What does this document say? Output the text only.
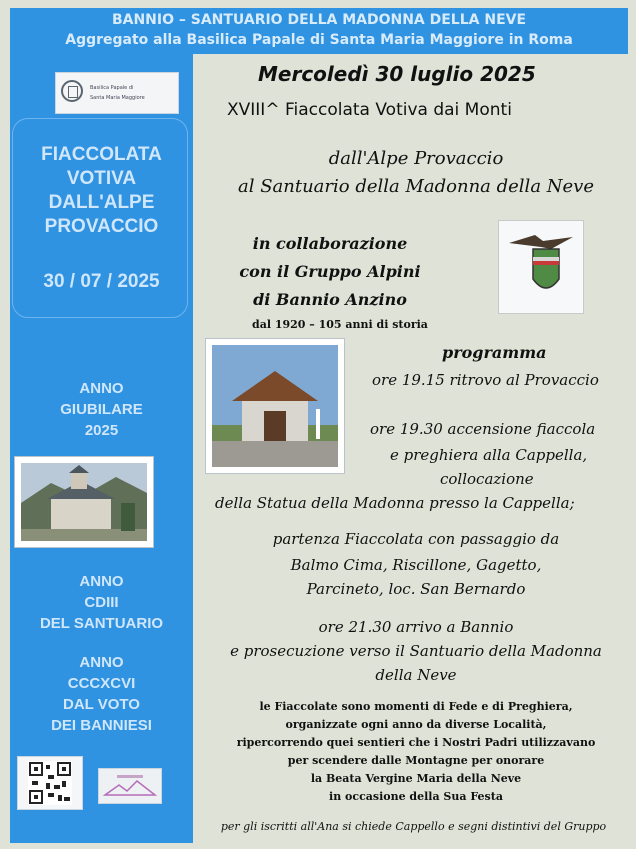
BANNIO – SANTUARIO DELLA MADONNA DELLA NEVE
Aggregato alla Basilica Papale di Santa Maria Maggiore in Roma
Basilica Papale di
Santa Maria Maggiore
FIACCOLATA
VOTIVA
DALL'ALPE
PROVACCIO
30 / 07 / 2025
ANNO
GIUBILARE
2025
ANNO
CDIII
DEL SANTUARIO
ANNO
CCCXCVI
DAL VOTO
DEI BANNIESI
Mercoledì 30 luglio 2025
XVIII^ Fiaccolata Votiva dai Monti
dall'Alpe Provaccio
al Santuario della Madonna della Neve
in collaborazione
con il Gruppo Alpini
di Bannio Anzino
dal 1920 – 105 anni di storia
programma
ore 19.15 ritrovo al Provaccio
ore 19.30 accensione fiaccola
e preghiera alla Cappella,
collocazione
della Statua della Madonna presso la Cappella;
partenza Fiaccolata con passaggio da
Balmo Cima, Riscillone, Gagetto,
Parcineto, loc. San Bernardo
ore 21.30 arrivo a Bannio
e prosecuzione verso il Santuario della Madonna
della Neve
le Fiaccolate sono momenti di Fede e di Preghiera,
organizzate ogni anno da diverse Località,
ripercorrendo quei sentieri che i Nostri Padri utilizzavano
per scendere dalle Montagne per onorare
la Beata Vergine Maria della Neve
in occasione della Sua Festa
per gli iscritti all'Ana si chiede Cappello e segni distintivi del Gruppo
